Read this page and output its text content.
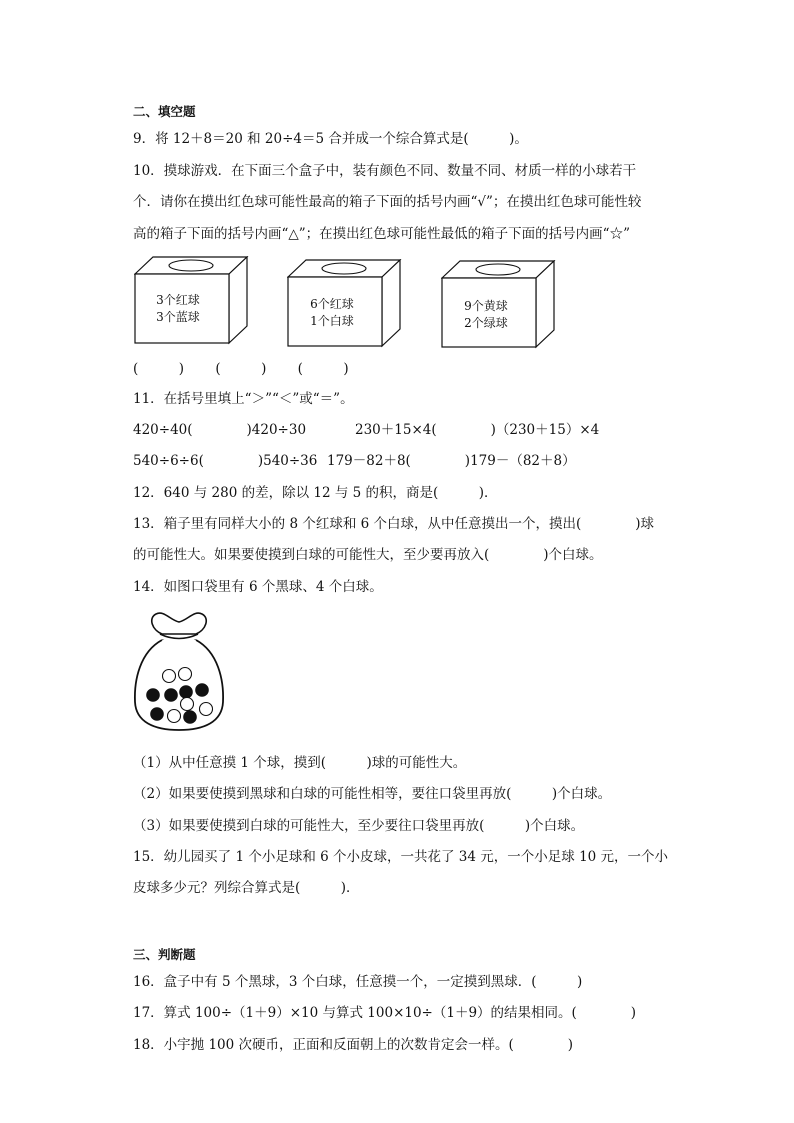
二、填空题
9．将 12＋8＝20 和 20÷4＝5 合并成一个综合算式是(　　　)。
10．摸球游戏．在下面三个盒子中，装有颜色不同、数量不同、材质一样的小球若干
个．请你在摸出红色球可能性最高的箱子下面的括号内画“√”；在摸出红色球可能性较
高的箱子下面的括号内画“△”；在摸出红色球可能性最低的箱子下面的括号内画“☆”
3个红球
3个蓝球
6个红球
1个白球
9个黄球
2个绿球
(　　　)　　 (　　　)　　 (　　　)
11．在括号里填上“＞”“＜”或“＝”。
420÷40(　　　　)420÷30	230＋15×4(　　　　)（230＋15）×4
540÷6÷6(　　　　)540÷36 179－82＋8(　　　　)179－（82＋8）
12．640 与 280 的差，除以 12 与 5 的积，商是(　　　)．
13．箱子里有同样大小的 8 个红球和 6 个白球，从中任意摸出一个，摸出(　　　　)球
的可能性大。如果要使摸到白球的可能性大，至少要再放入(　　　　)个白球。
14．如图口袋里有 6 个黑球、4 个白球。
（1）从中任意摸 1 个球，摸到(　　　)球的可能性大。
（2）如果要使摸到黑球和白球的可能性相等，要往口袋里再放(　　　)个白球。
（3）如果要使摸到白球的可能性大，至少要往口袋里再放(　　　)个白球。
15．幼儿园买了 1 个小足球和 6 个小皮球，一共花了 34 元，一个小足球 10 元，一个小
皮球多少元？列综合算式是(　　　)．
三、判断题
16．盒子中有 5 个黑球，3 个白球，任意摸一个，一定摸到黑球．(　　　)
17．算式 100÷（1＋9）×10 与算式 100×10÷（1＋9）的结果相同。(　　　　)
18．小宇抛 100 次硬币，正面和反面朝上的次数肯定会一样。(　　　　)
